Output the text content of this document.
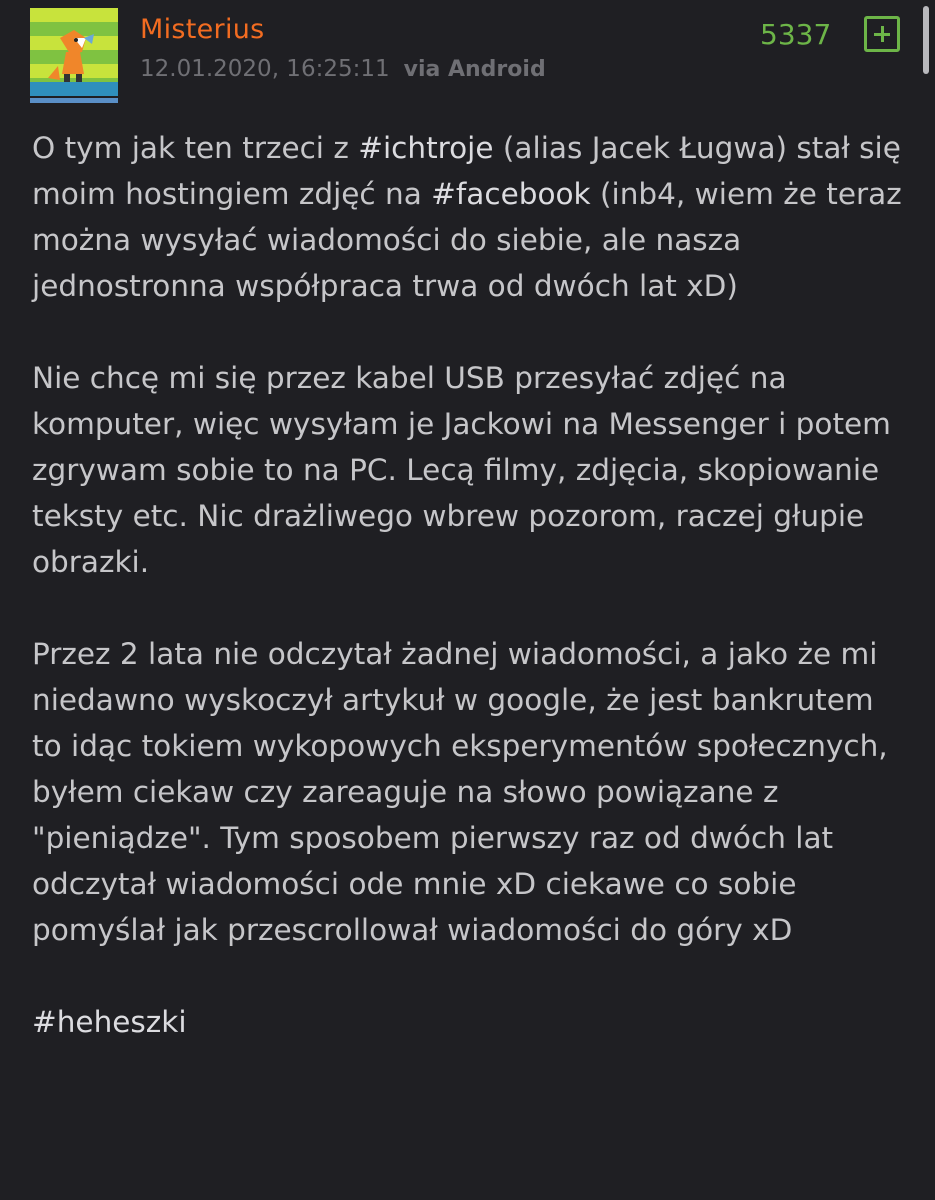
Misterius
12.01.2020, 16:25:11 via Android
5337

O tym jak ten trzeci z #ichtroje (alias Jacek Ługwa) stał się moim hostingiem zdjęć na #facebook (inb4, wiem że teraz można wysyłać wiadomości do siebie, ale nasza jednostronna współpraca trwa od dwóch lat xD)

Nie chcę mi się przez kabel USB przesyłać zdjęć na komputer, więc wysyłam je Jackowi na Messenger i potem zgrywam sobie to na PC. Lecą filmy, zdjęcia, skopiowanie teksty etc. Nic drażliwego wbrew pozorom, raczej głupie obrazki.

Przez 2 lata nie odczytał żadnej wiadomości, a jako że mi niedawno wyskoczył artykuł w google, że jest bankrutem to idąc tokiem wykopowych eksperymentów społecznych, byłem ciekaw czy zareaguje na słowo powiązane z "pieniądze". Tym sposobem pierwszy raz od dwóch lat odczytał wiadomości ode mnie xD ciekawe co sobie pomyślał jak przescrollował wiadomości do góry xD

#heheszki
